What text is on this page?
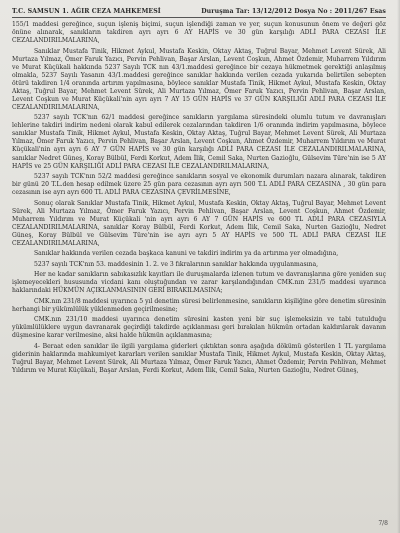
T.C. SAMSUN 1. AĞIR CEZA MAHKEMESİ	Duruşma Tar: 13/12/2012 Dosya No : 2011/267 Esas

155/1 maddesi gereğince, suçun işleniş biçimi, suçun işlendiği zaman ve yer, suçun konusunun önem ve değeri göz önüne alınarak, sanıkların takdiren ayrı ayrı 6 AY HAPİS ve 30 gün karşılığı ADLİ PARA CEZASI İLE CEZALANDIRILMALARINA,

Sanıklar Mustafa Tinik, Hikmet Aykul, Mustafa Keskin, Oktay Aktaş, Tuğrul Bayar, Mehmet Levent Sürek, Ali Murtaza Yılmaz, Ömer Faruk Yazıcı, Pervin Pehlivan, Başar Arslan, Levent Coşkun, Ahmet Özdemir, Muharrem Yıldırım ve Murat Küçükali hakkında 5237 Sayılı TCK nın 43/1.maddesi gereğince bir cezaya hükmetmek gerektiği anlaşılmış olmakla, 5237 Sayılı Yasanın 43/1.maddesi gereğince sanıklar hakkında verilen cezada yukarıda belirtilen sebepten ötürü takdiren 1/4 oranında artırım yapılmasına, böylece sanıklar Mustafa Tinik, Hikmet Aykul, Mustafa Keskin, Oktay Aktaş, Tuğrul Bayar, Mehmet Levent Sürek, Ali Murtaza Yılmaz, Ömer Faruk Yazıcı, Pervin Pehlivan, Başar Arslan, Levent Coşkun ve Murat Küçükali'nin ayrı ayrı 7 AY 15 GÜN HAPİS ve 37 GÜN KARŞILIĞI ADLİ PARA CEZASI İLE CEZALANDIRILMALARINA,

5237 sayılı TCK'nın 62/1 maddesi gereğince sanıkların yargılama süresindeki olumlu tutum ve davranışları lehlerine takdiri indirim nedeni olarak kabul edilerek cezalarından takdiren 1/6 oranında indirim yapılmasına, böylece sanıklar Mustafa Tinik, Hikmet Aykul, Mustafa Keskin, Oktay Aktaş, Tuğrul Bayar, Mehmet Levent Sürek, Ali Murtaza Yılmaz, Ömer Faruk Yazıcı, Pervin Pehlivan, Başar Arslan, Levent Coşkun, Ahmet Özdemir, Muharrem Yıldırım ve Murat Küçükali'nin ayrı ayrı 6 AY 7 GÜN HAPİS ve 30 gün karşılığı ADLİ PARA CEZASI İLE CEZALANDIRILMALARINA, sanıklar Nedret Güneş, Koray Bülbül, Ferdi Korkut, Adem İlik, Cemil Saka, Nurten Gazioğlu, Gülsevim Türe'nin ise 5 AY HAPİS ve 25 GÜN KARŞILIĞI ADLİ PARA CEZASI İLE CEZALANDIRILMALARINA,

5237 sayılı TCK'nın 52/2 maddesi gereğince sanıkların sosyal ve ekonomik durumları nazara alınarak, takdiren bir günü 20 T.L.den hesap edilmek üzere 25 gün para cezasının ayrı ayrı 500 T.L ADLİ PARA CEZASINA , 30 gün para cezasının ise ayrı ayrı 600 TL ADLİ PARA CEZASINA ÇEVRİLMESİNE,

Sonuç olarak Sanıklar Mustafa Tinik, Hikmet Aykul, Mustafa Keskin, Oktay Aktaş, Tuğrul Bayar, Mehmet Levent Sürek, Ali Murtaza Yılmaz, Ömer Faruk Yazıcı, Pervin Pehlivan, Başar Arslan, Levent Coşkun, Ahmet Özdemir, Muharrem Yıldırım ve Murat Küçükali 'nin ayrı ayrı 6 AY 7 GÜN HAPİS ve 600 TL ADLİ PARA CEZASIYLA CEZALANDIRILMALARINA, sanıklar Koray Bülbül, Ferdi Korkut, Adem İlik, Cemil Saka, Nurten Gazioğlu, Nedret Güneş, Koray Bülbül ve Gülsevim Türe'nin ise ayrı ayrı 5 AY HAPİS ve 500 TL ADLİ PARA CEZASI İLE CEZALANDIRILMALARINA,

Sanıklar hakkında verilen cezada başkaca kanuni ve takdiri indirim ya da artırıma yer olmadığına,

5237 sayılı TCK'nın 53. maddesinin 1. 2. ve 3 fıkralarının sanıklar hakkında uygulanmasına,

Her ne kadar sanıkların sabıkasızlık kayıtları ile duruşmalarda izlenen tutum ve davranışlarına göre yeniden suç işlemeyecekleri hususunda vicdani kanı oluştuğundan ve zarar karşılandığından CMK.nın 231/5 maddesi uyarınca haklarındaki HÜKMÜN AÇIKLANMASININ GERİ BIRAKILMASINA;

CMK.nın 231/8 maddesi uyarınca 5 yıl denetim süresi belirlenmesine, sanıkların kişiliğine göre denetim süresinin herhangi bir yükümlülük yüklenmeden geçirilmesine;

CMK.nın 231/10 maddesi uyarınca denetim süresini kasten yeni bir suç işlemeksizin ve tabi tutulduğu yükümlülüklere uygun davranarak geçirdiği takdirde açıklanması geri bırakılan hükmün ortadan kaldırılarak davanın düşmesine karar verilmesine, aksi halde hükmün açıklanmasına;

4- Beraat eden sanıklar ile ilgili yargılama giderleri çıktıktan sonra aşağıda dökümü gösterilen 1 TL yargılama giderinin haklarında mahkumiyet kararları verilen sanıklar Mustafa Tinik, Hikmet Aykul, Mustafa Keskin, Oktay Aktaş, Tuğrul Bayar, Mehmet Levent Sürek, Ali Murtaza Yılmaz, Ömer Faruk Yazıcı, Ahmet Özdemir, Pervin Pehlivan, Mehmet Yıldırım ve Murat Küçükali, Başar Arslan, Ferdi Korkut, Adem İlik, Cemil Saka, Nurten Gazioğlu, Nedret Güneş,

7/8
